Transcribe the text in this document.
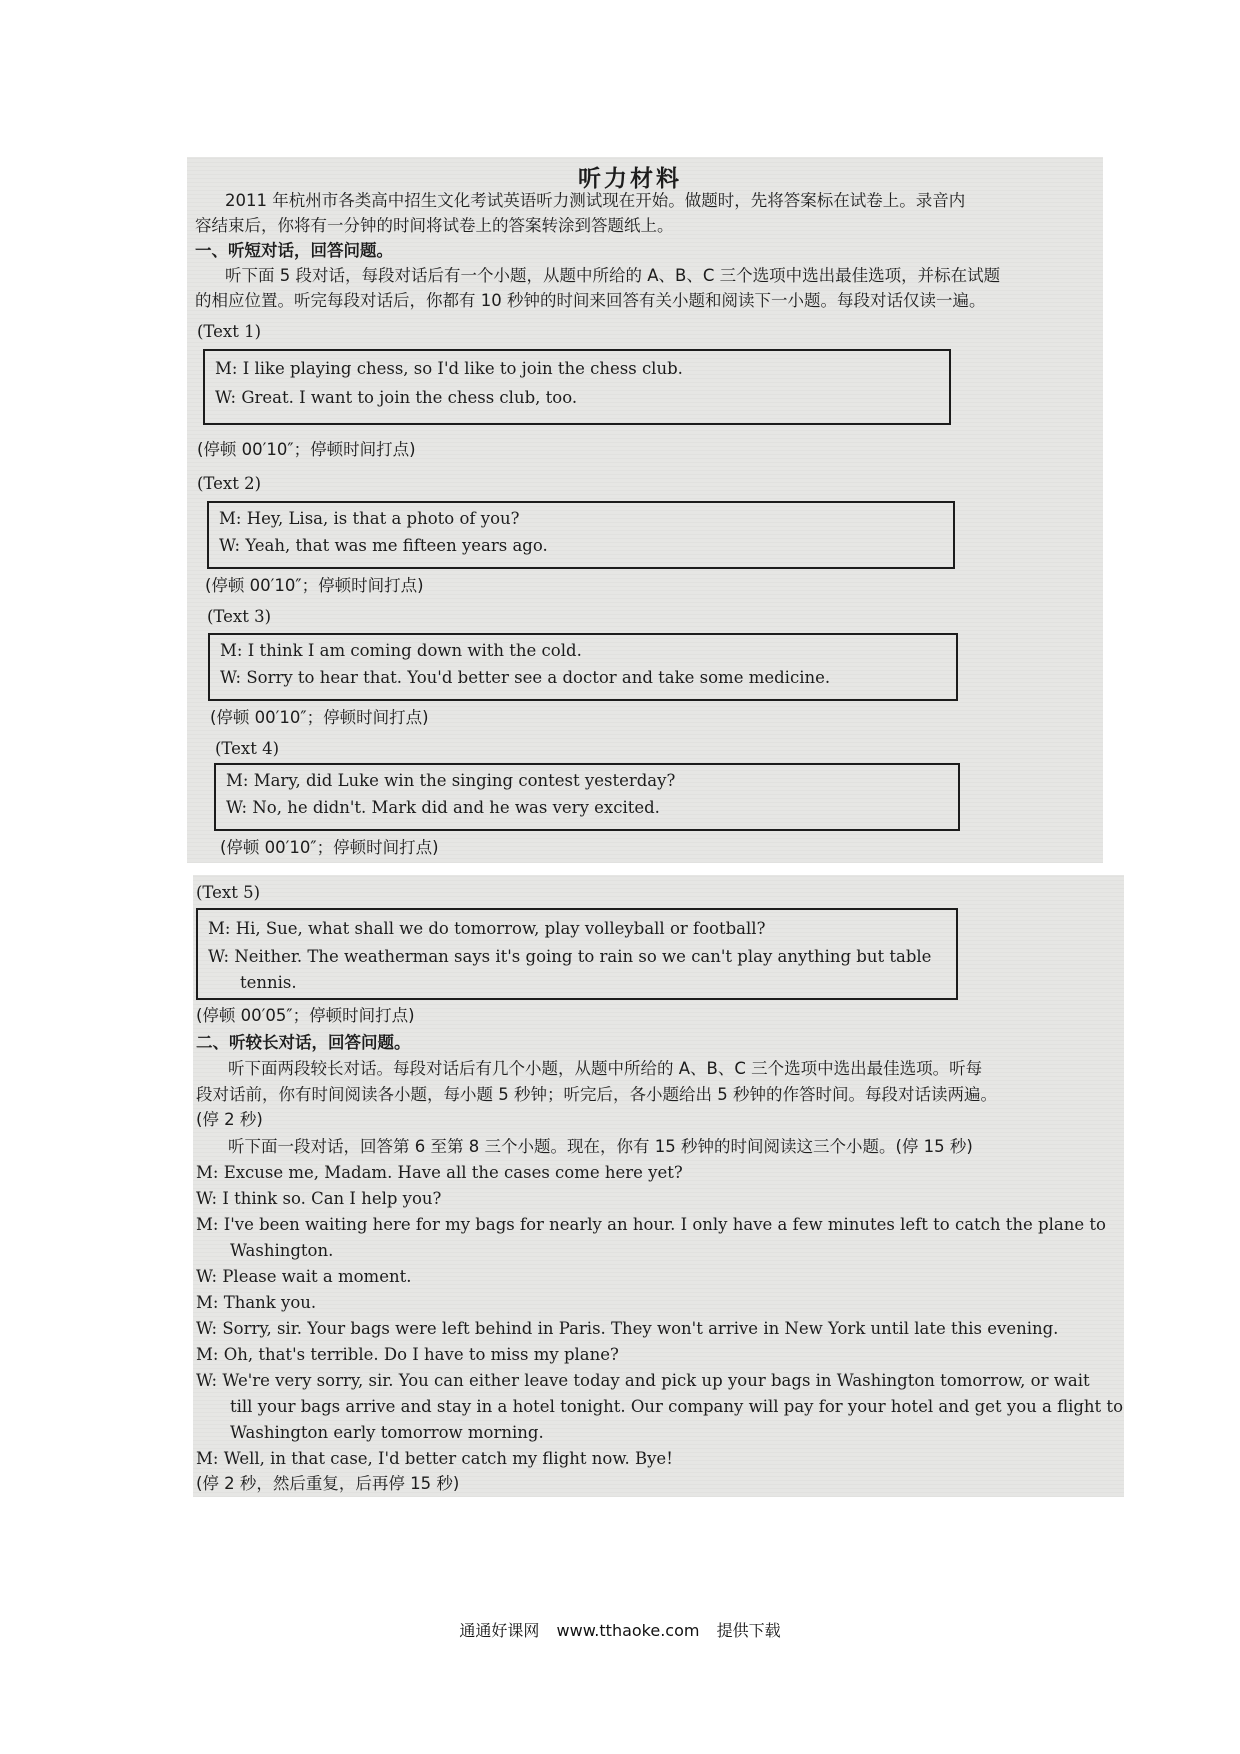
听力材料
2011 年杭州市各类高中招生文化考试英语听力测试现在开始。做题时，先将答案标在试卷上。录音内
容结束后，你将有一分钟的时间将试卷上的答案转涂到答题纸上。
一、听短对话，回答问题。
听下面 5 段对话，每段对话后有一个小题，从题中所给的 A、B、C 三个选项中选出最佳选项，并标在试题
的相应位置。听完每段对话后，你都有 10 秒钟的时间来回答有关小题和阅读下一小题。每段对话仅读一遍。
(Text 1)
M: I like playing chess, so I'd like to join the chess club.
W: Great. I want to join the chess club, too.
(停顿 00′10″；停顿时间打点)
(Text 2)
M: Hey, Lisa, is that a photo of you?
W: Yeah, that was me fifteen years ago.
(停顿 00′10″；停顿时间打点)
(Text 3)
M: I think I am coming down with the cold.
W: Sorry to hear that. You'd better see a doctor and take some medicine.
(停顿 00′10″；停顿时间打点)
(Text 4)
M: Mary, did Luke win the singing contest yesterday?
W: No, he didn't. Mark did and he was very excited.
(停顿 00′10″；停顿时间打点)
(Text 5)
M: Hi, Sue, what shall we do tomorrow, play volleyball or football?
W: Neither. The weatherman says it's going to rain so we can't play anything but table
tennis.
(停顿 00′05″；停顿时间打点)
二、听较长对话，回答问题。
听下面两段较长对话。每段对话后有几个小题，从题中所给的 A、B、C 三个选项中选出最佳选项。听每
段对话前，你有时间阅读各小题，每小题 5 秒钟；听完后，各小题给出 5 秒钟的作答时间。每段对话读两遍。
(停 2 秒)
听下面一段对话，回答第 6 至第 8 三个小题。现在，你有 15 秒钟的时间阅读这三个小题。(停 15 秒)
M: Excuse me, Madam. Have all the cases come here yet?
W: I think so. Can I help you?
M: I've been waiting here for my bags for nearly an hour. I only have a few minutes left to catch the plane to
Washington.
W: Please wait a moment.
M: Thank you.
W: Sorry, sir. Your bags were left behind in Paris. They won't arrive in New York until late this evening.
M: Oh, that's terrible. Do I have to miss my plane?
W: We're very sorry, sir. You can either leave today and pick up your bags in Washington tomorrow, or wait
till your bags arrive and stay in a hotel tonight. Our company will pay for your hotel and get you a flight to
Washington early tomorrow morning.
M: Well, in that case, I'd better catch my flight now. Bye!
(停 2 秒，然后重复，后再停 15 秒)
通通好课网 www.tthaoke.com 提供下载
